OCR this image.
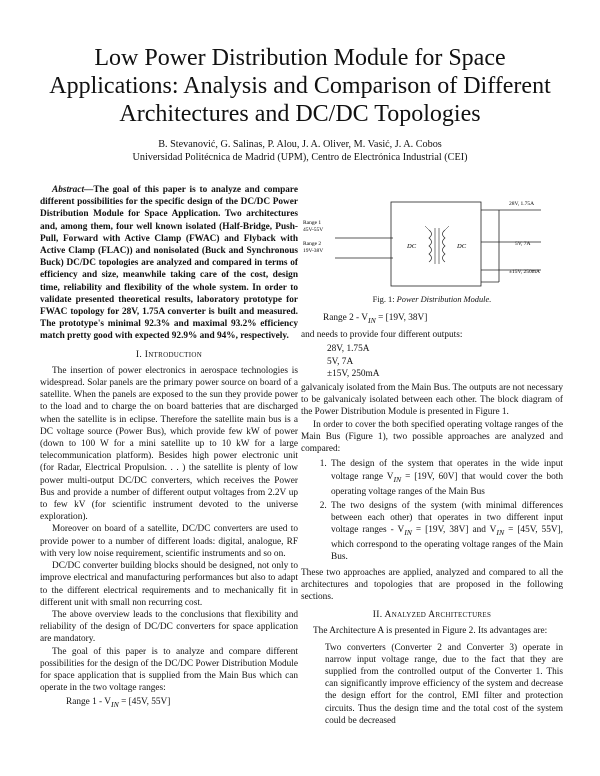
Low Power Distribution Module for Space
Applications: Analysis and Comparison of Different
Architectures and DC/DC Topologies
B. Stevanović, G. Salinas, P. Alou, J. A. Oliver, M. Vasić, J. A. Cobos
Universidad Politécnica de Madrid (UPM), Centro de Electrónica Industrial (CEI)

Abstract—The goal of this paper is to analyze and compare different possibilities for the specific design of the DC/DC Power Distribution Module for Space Application. Two architectures and, among them, four well known isolated (Half-Bridge, Push-Pull, Forward with Active Clamp (FWAC) and Flyback with Active Clamp (FLAC)) and nonisolated (Buck and Synchronous Buck) DC/DC topologies are analyzed and compared in terms of efficiency and size, meanwhile taking care of the cost, design time, reliability and flexibility of the whole system. In order to validate presented theoretical results, laboratory prototype for FWAC topology for 28V, 1.75A converter is built and measured. The prototype's minimal 92.3% and maximal 93.2% efficiency match pretty good with expected 92.9% and 94%, respectively.

I. Introduction

The insertion of power electronics in aerospace technologies is widespread. Solar panels are the primary power source on board of a satellite. When the panels are exposed to the sun they provide power to the load and to charge the on board batteries that are discharged when the satellite is in eclipse. Therefore the satellite main bus is a DC voltage source (Power Bus), which provide few kW of power (down to 100 W for a mini satellite up to 10 kW for a large telecommunication platform). Besides high power electronic unit (for Radar, Electrical Propulsion. . . ) the satellite is plenty of low power multi-output DC/DC converters, which receives the Power Bus and provide a number of different output voltages from 2.2V up to few kV (for scientific instrument devoted to the universe exploration).

Moreover on board of a satellite, DC/DC converters are used to provide power to a number of different loads: digital, analogue, RF with very low noise requirement, scientific instruments and so on.

DC/DC converter building blocks should be designed, not only to improve electrical and manufacturing performances but also to adapt to the different electrical requirements and to mechanically fit in different unit with small non recurring cost.

The above overview leads to the conclusions that flexibility and reliability of the design of DC/DC converters for space application are mandatory.

The goal of this paper is to analyze and compare different possibilities for the design of the DC/DC Power Distribution Module for space application that is supplied from the Main Bus which can operate in the two voltage ranges:

Range $1 - V_{IN} = [45V$, 55V]

DC	DC
Range 1
45V-55V
Range 2
19V-38V
28V, 1.75A
5V, 7A
±15V, 250mA

Fig. 1: Power Distribution Module.

Range $2 - V_{IN} = [19V$, 38V]

and needs to provide four different outputs:

28V, 1.75A
5V, 7A
±15V, 250mA

galvanicaly isolated from the Main Bus. The outputs are not necessary to be galvanicaly isolated between each other. The block diagram of the Power Distribution Module is presented in Figure 1.

In order to cover the both specified operating voltage ranges of the Main Bus (Figure 1), two possible approaches are analyzed and compared:

1. The design of the system that operates in the wide input voltage range $V_{IN} = [19V$, 60V] that would cover the both operating voltage ranges of the Main Bus
2. The two designs of the system (with minimal differences between each other) that operates in two different input voltage ranges - $V_{IN} = [19V$, 38V] and $V_{IN} = [45V$, 55V], which correspond to the operating voltage ranges of the Main Bus.

These two approaches are applied, analyzed and compared to all the architectures and topologies that are proposed in the following sections.

II. Analyzed Architectures

The Architecture A is presented in Figure 2. Its advantages are:

Two converters (Converter 2 and Converter 3) operate in narrow input voltage range, due to the fact that they are supplied from the controlled output of the Converter 1. This can significantly improve efficiency of the system and decrease the design effort for the control, EMI filter and protection circuits. Thus the design time and the total cost of the system could be decreased
